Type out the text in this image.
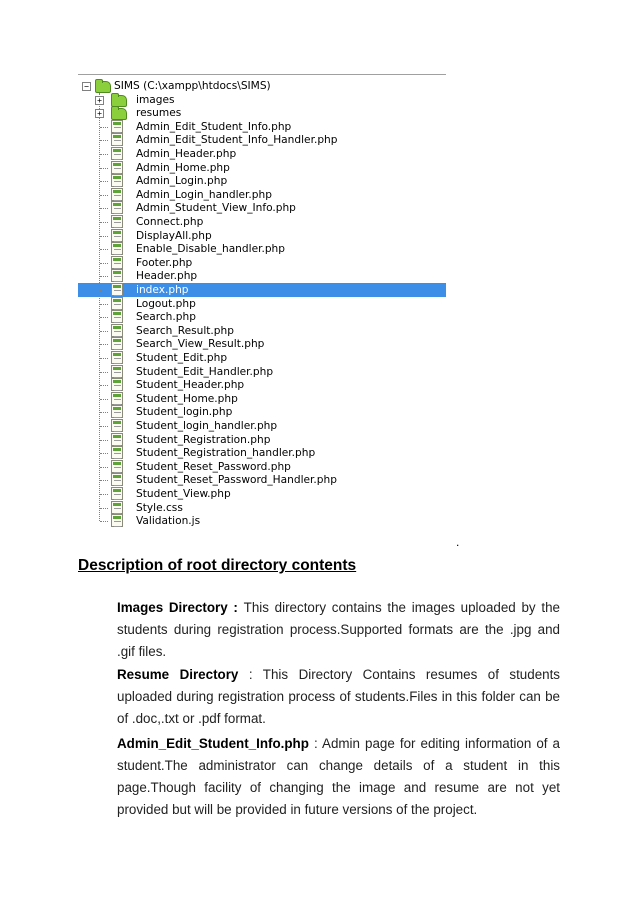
− SIMS (C:\xampp\htdocs\SIMS)
+	images
+	resumes
Admin_Edit_Student_Info.php
Admin_Edit_Student_Info_Handler.php
Admin_Header.php
Admin_Home.php
Admin_Login.php
Admin_Login_handler.php
Admin_Student_View_Info.php
Connect.php
DisplayAll.php
Enable_Disable_handler.php
Footer.php
Header.php
index.php
Logout.php
Search.php
Search_Result.php
Search_View_Result.php
Student_Edit.php
Student_Edit_Handler.php
Student_Header.php
Student_Home.php
Student_login.php
Student_login_handler.php
Student_Registration.php
Student_Registration_handler.php
Student_Reset_Password.php
Student_Reset_Password_Handler.php
Student_View.php
Style.css
Validation.js
.
Description of root directory contents

Images Directory : This directory contains the images uploaded by the students during registration process.Supported formats are the .jpg and .gif files.

Resume Directory : This Directory Contains resumes of students uploaded during registration process of students.Files in this folder can be of .doc,.txt or .pdf format.

Admin_Edit_Student_Info.php : Admin page for editing information of a student.The administrator can change details of a student in this page.Though facility of changing the image and resume are not yet provided but will be provided in future versions of the project.
